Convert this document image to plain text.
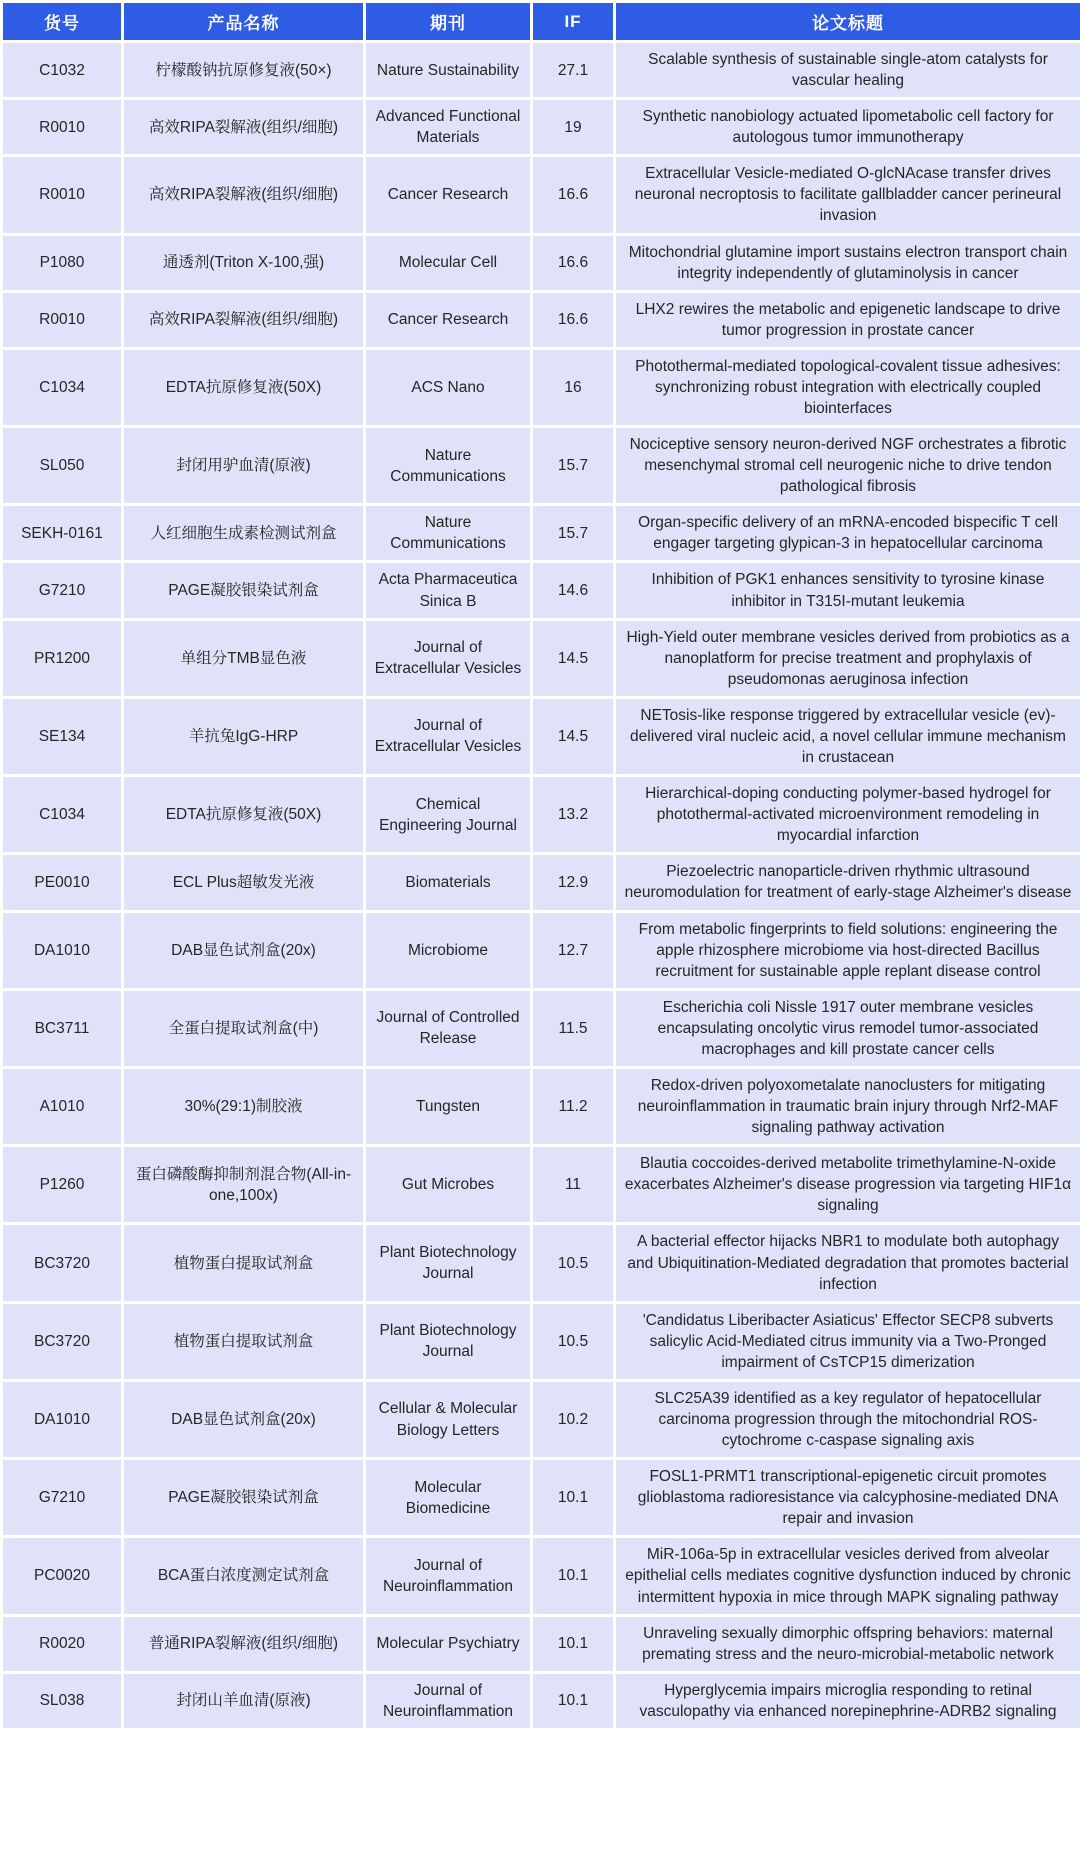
货号	产品名称	期刊	IF	论文标题
C1032	柠檬酸钠抗原修复液(50×)	Nature Sustainability	27.1	Scalable synthesis of sustainable single-atom catalysts for vascular healing
R0010	高效RIPA裂解液(组织/细胞)	Advanced Functional Materials	19	Synthetic nanobiology actuated lipometabolic cell factory for autologous tumor immunotherapy
R0010	高效RIPA裂解液(组织/细胞)	Cancer Research	16.6	Extracellular Vesicle-mediated O-glcNAcase transfer drives neuronal necroptosis to facilitate gallbladder cancer perineural invasion
P1080	通透剂(Triton X-100,强)	Molecular Cell	16.6	Mitochondrial glutamine import sustains electron transport chain integrity independently of glutaminolysis in cancer
R0010	高效RIPA裂解液(组织/细胞)	Cancer Research	16.6	LHX2 rewires the metabolic and epigenetic landscape to drive tumor progression in prostate cancer
C1034	EDTA抗原修复液(50X)	ACS Nano	16	Photothermal-mediated topological-covalent tissue adhesives: synchronizing robust integration with electrically coupled biointerfaces
SL050	封闭用驴血清(原液)	Nature Communications	15.7	Nociceptive sensory neuron-derived NGF orchestrates a fibrotic mesenchymal stromal cell neurogenic niche to drive tendon pathological fibrosis
SEKH-0161	人红细胞生成素检测试剂盒	Nature Communications	15.7	Organ-specific delivery of an mRNA-encoded bispecific T cell engager targeting glypican-3 in hepatocellular carcinoma
G7210	PAGE凝胶银染试剂盒	Acta Pharmaceutica Sinica B	14.6	Inhibition of PGK1 enhances sensitivity to tyrosine kinase inhibitor in T315I-mutant leukemia
PR1200	单组分TMB显色液	Journal of Extracellular Vesicles	14.5	High-Yield outer membrane vesicles derived from probiotics as a nanoplatform for precise treatment and prophylaxis of pseudomonas aeruginosa infection
SE134	羊抗兔IgG-HRP	Journal of Extracellular Vesicles	14.5	NETosis-like response triggered by extracellular vesicle (ev)-delivered viral nucleic acid, a novel cellular immune mechanism in crustacean
C1034	EDTA抗原修复液(50X)	Chemical Engineering Journal	13.2	Hierarchical-doping conducting polymer-based hydrogel for photothermal-activated microenvironment remodeling in myocardial infarction
PE0010	ECL Plus超敏发光液	Biomaterials	12.9	Piezoelectric nanoparticle-driven rhythmic ultrasound neuromodulation for treatment of early-stage Alzheimer's disease
DA1010	DAB显色试剂盒(20x)	Microbiome	12.7	From metabolic fingerprints to field solutions: engineering the apple rhizosphere microbiome via host-directed Bacillus recruitment for sustainable apple replant disease control
BC3711	全蛋白提取试剂盒(中)	Journal of Controlled Release	11.5	Escherichia coli Nissle 1917 outer membrane vesicles encapsulating oncolytic virus remodel tumor-associated macrophages and kill prostate cancer cells
A1010	30%(29:1)制胶液	Tungsten	11.2	Redox-driven polyoxometalate nanoclusters for mitigating neuroinflammation in traumatic brain injury through Nrf2-MAF signaling pathway activation
P1260	蛋白磷酸酶抑制剂混合物(All-in-one,100x)	Gut Microbes	11	Blautia coccoides-derived metabolite trimethylamine-N-oxide exacerbates Alzheimer's disease progression via targeting HIF1α signaling
BC3720	植物蛋白提取试剂盒	Plant Biotechnology Journal	10.5	A bacterial effector hijacks NBR1 to modulate both autophagy and Ubiquitination-Mediated degradation that promotes bacterial infection
BC3720	植物蛋白提取试剂盒	Plant Biotechnology Journal	10.5	'Candidatus Liberibacter Asiaticus' Effector SECP8 subverts salicylic Acid-Mediated citrus immunity via a Two-Pronged impairment of CsTCP15 dimerization
DA1010	DAB显色试剂盒(20x)	Cellular & Molecular Biology Letters	10.2	SLC25A39 identified as a key regulator of hepatocellular carcinoma progression through the mitochondrial ROS-cytochrome c-caspase signaling axis
G7210	PAGE凝胶银染试剂盒	Molecular Biomedicine	10.1	FOSL1-PRMT1 transcriptional-epigenetic circuit promotes glioblastoma radioresistance via calcyphosine-mediated DNA repair and invasion
PC0020	BCA蛋白浓度测定试剂盒	Journal of Neuroinflammation	10.1	MiR-106a-5p in extracellular vesicles derived from alveolar epithelial cells mediates cognitive dysfunction induced by chronic intermittent hypoxia in mice through MAPK signaling pathway
R0020	普通RIPA裂解液(组织/细胞)	Molecular Psychiatry	10.1	Unraveling sexually dimorphic offspring behaviors: maternal premating stress and the neuro-microbial-metabolic network
SL038	封闭山羊血清(原液)	Journal of Neuroinflammation	10.1	Hyperglycemia impairs microglia responding to retinal vasculopathy via enhanced norepinephrine-ADRB2 signaling
